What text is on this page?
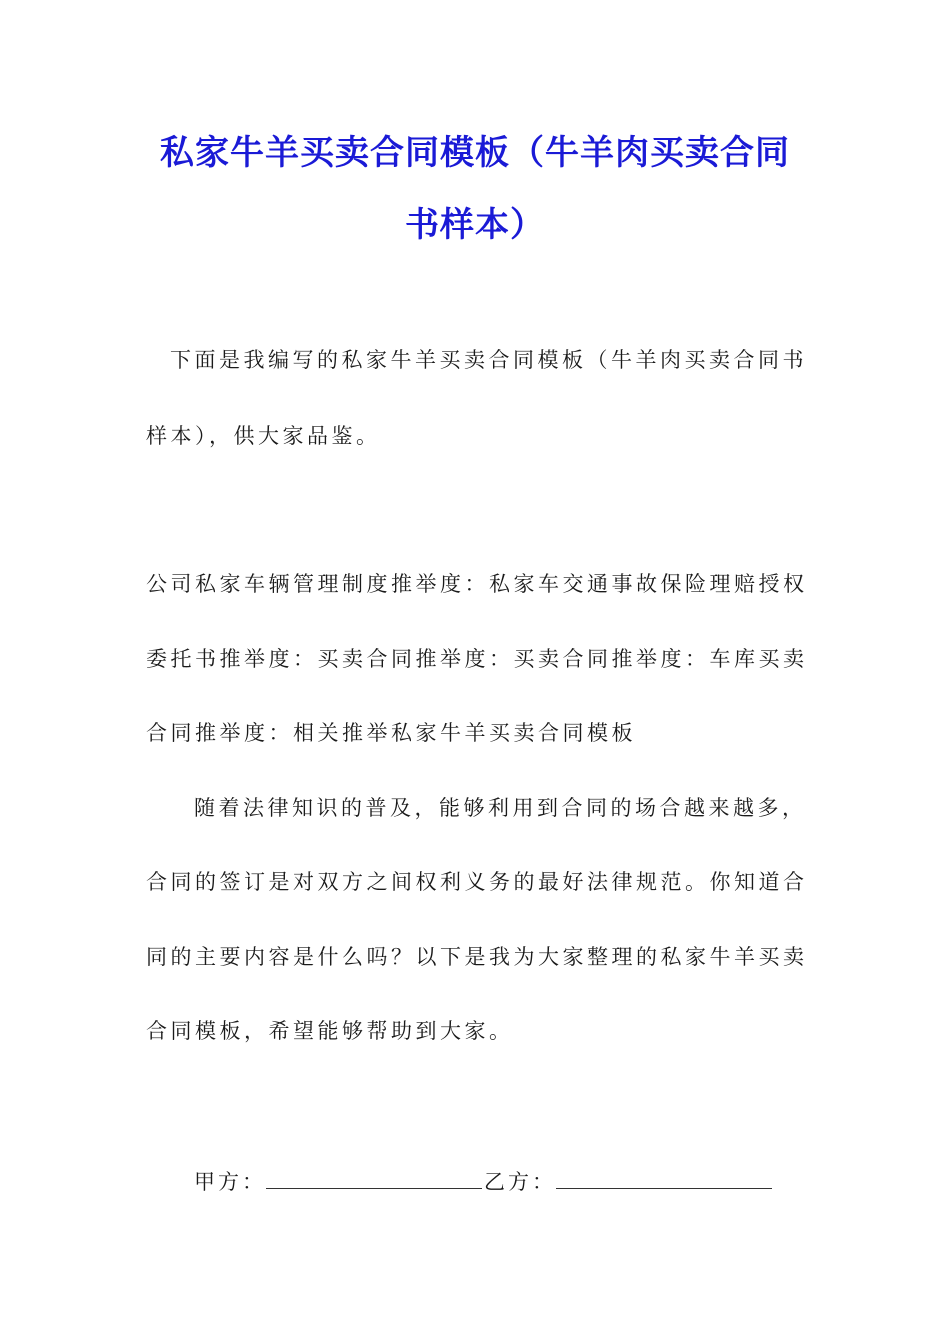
私家牛羊买卖合同模板（牛羊肉买卖合同
书样本）
下面是我编写的私家牛羊买卖合同模板（牛羊肉买卖合同书
样本），供大家品鉴。
公司私家车辆管理制度推举度：私家车交通事故保险理赔授权
委托书推举度：买卖合同推举度：买卖合同推举度：车库买卖
合同推举度：相关推举私家牛羊买卖合同模板
随着法律知识的普及，能够利用到合同的场合越来越多，
合同的签订是对双方之间权利义务的最好法律规范。你知道合
同的主要内容是什么吗？以下是我为大家整理的私家牛羊买卖
合同模板，希望能够帮助到大家。
甲方：	乙方：
